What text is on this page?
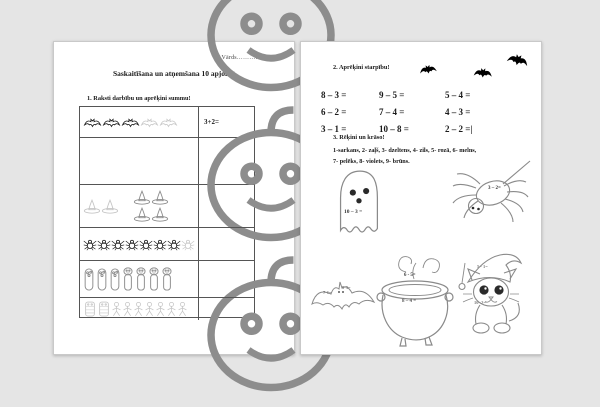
Vārds………………
Saskaitīšana un atņemšana 10 apjomā
1. Raksti darbību un aprēķini summu!
3+2=
2. Aprēķini starpību!
8 – 3 =	9 – 5 =	5 – 4 =
6 – 2 =	7 – 4 =	4 – 3 =
3 – 1 =	10 – 8 =	2 – 2 =|
3. Rēķini un krāso!
1-sarkans, 2- zaļš, 3- dzeltens, 4- zils, 5- rozā, 6- melns,
7- pelēks, 8- violets, 9- brūns.
10 – 3 =
3 – 2=
6 - 5=
8 – 4 =
7-1=
9-3=
5 - 1=
10 -2=
